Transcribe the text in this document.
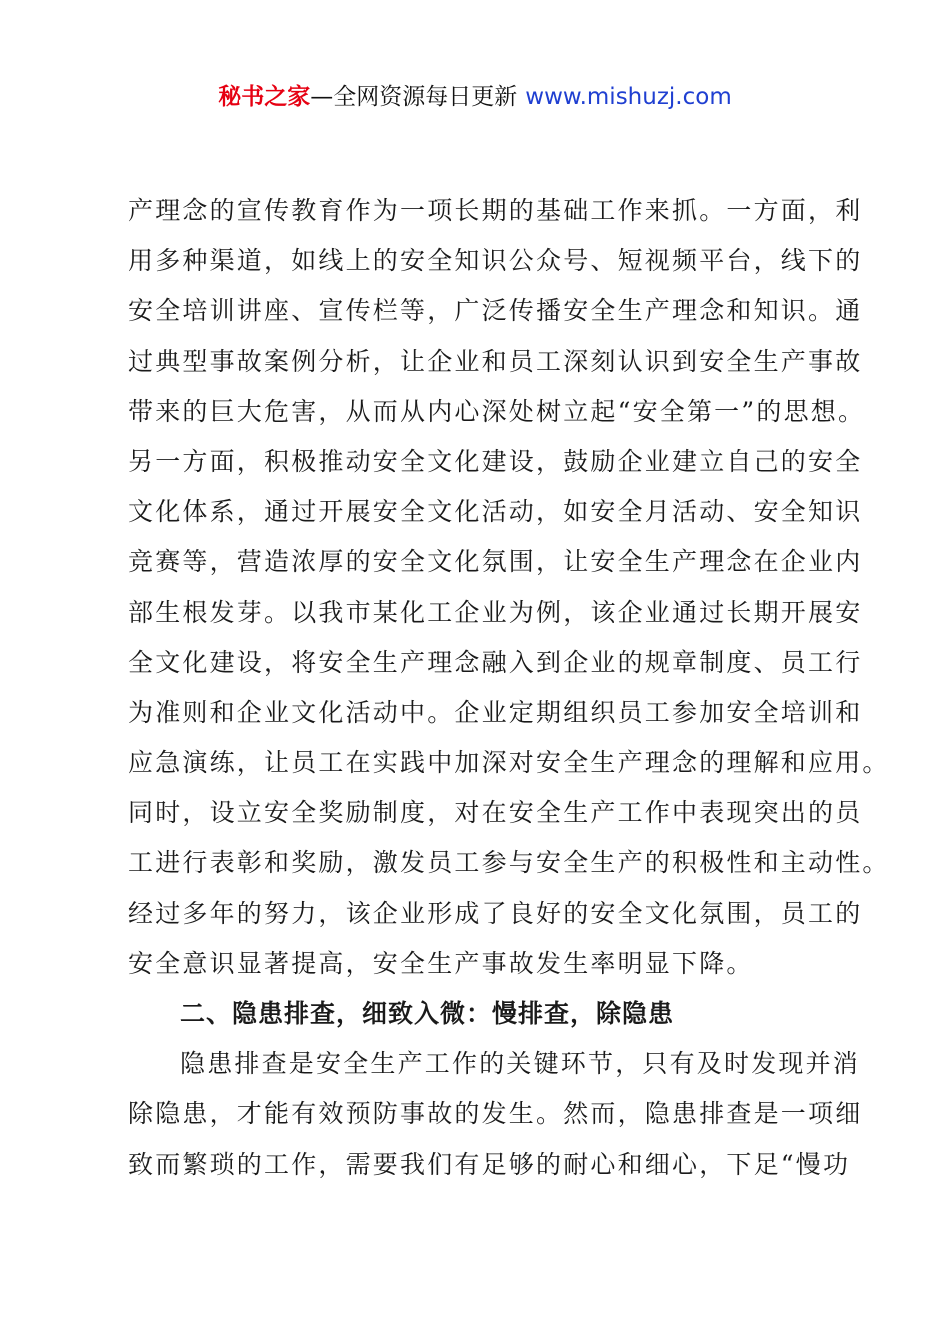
秘书之家—全网资源每日更新 www.mishuzj.com
产理念的宣传教育作为一项长期的基础工作来抓。一方面，利
用多种渠道，如线上的安全知识公众号、短视频平台，线下的
安全培训讲座、宣传栏等，广泛传播安全生产理念和知识。通
过典型事故案例分析，让企业和员工深刻认识到安全生产事故
带来的巨大危害，从而从内心深处树立起“安全第一”的思想。
另一方面，积极推动安全文化建设，鼓励企业建立自己的安全
文化体系，通过开展安全文化活动，如安全月活动、安全知识
竞赛等，营造浓厚的安全文化氛围，让安全生产理念在企业内
部生根发芽。以我市某化工企业为例，该企业通过长期开展安
全文化建设，将安全生产理念融入到企业的规章制度、员工行
为准则和企业文化活动中。企业定期组织员工参加安全培训和
应急演练，让员工在实践中加深对安全生产理念的理解和应用。
同时，设立安全奖励制度，对在安全生产工作中表现突出的员
工进行表彰和奖励，激发员工参与安全生产的积极性和主动性。
经过多年的努力，该企业形成了良好的安全文化氛围，员工的
安全意识显著提高，安全生产事故发生率明显下降。
二、隐患排查，细致入微：慢排查，除隐患
隐患排查是安全生产工作的关键环节，只有及时发现并消
除隐患，才能有效预防事故的发生。然而，隐患排查是一项细
致而繁琐的工作，需要我们有足够的耐心和细心，下足“慢功
